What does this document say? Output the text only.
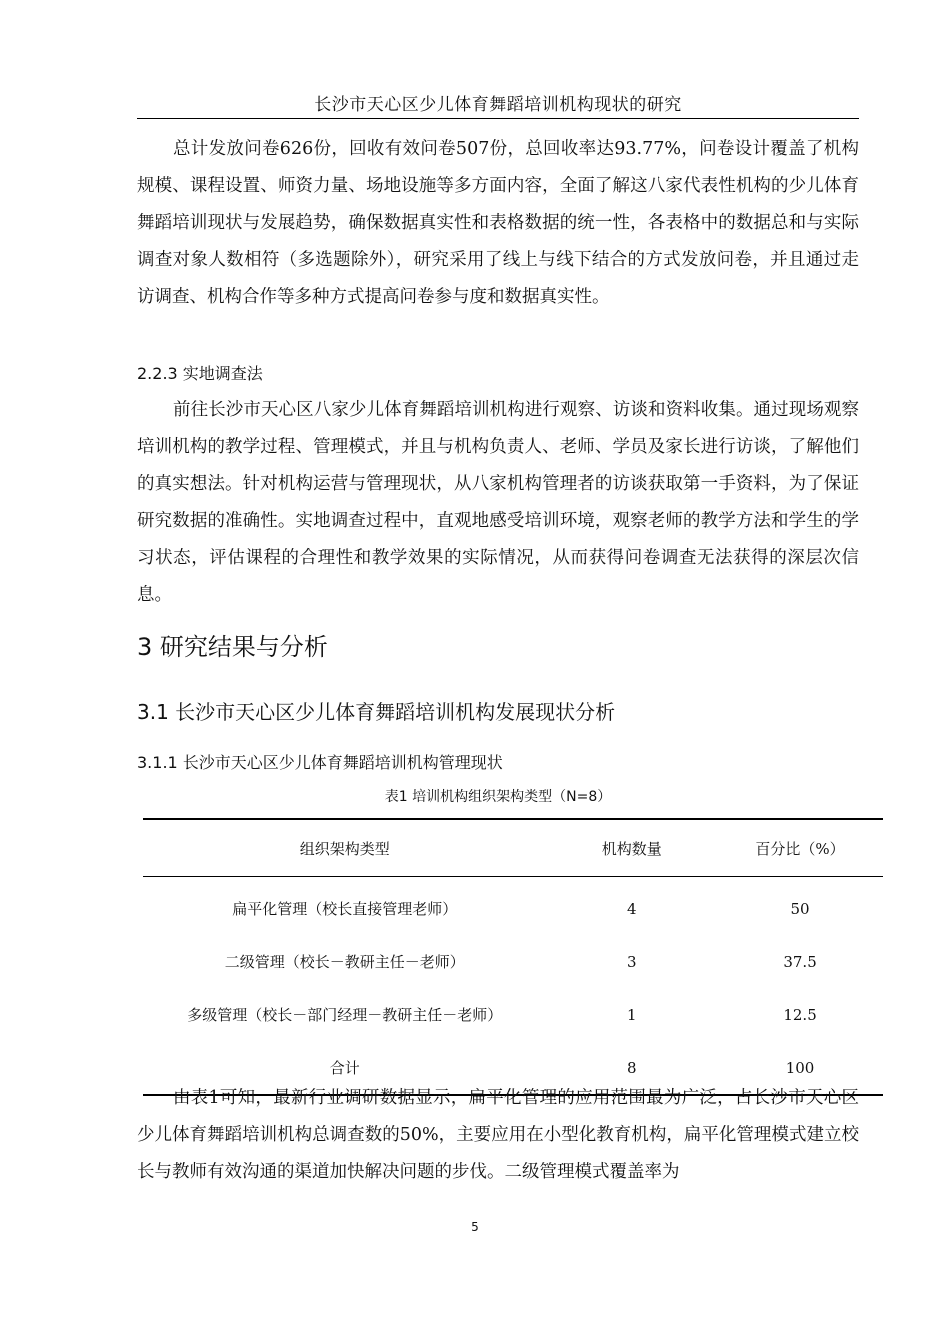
长沙市天心区少儿体育舞蹈培训机构现状的研究

总计发放问卷626份，回收有效问卷507份，总回收率达93.77%，问卷设计覆盖了机构规模、课程设置、师资力量、场地设施等多方面内容，全面了解这八家代表性机构的少儿体育舞蹈培训现状与发展趋势，确保数据真实性和表格数据的统一性，各表格中的数据总和与实际调查对象人数相符（多选题除外），研究采用了线上与线下结合的方式发放问卷，并且通过走访调查、机构合作等多种方式提高问卷参与度和数据真实性。

2.2.3 实地调查法

前往长沙市天心区八家少儿体育舞蹈培训机构进行观察、访谈和资料收集。通过现场观察培训机构的教学过程、管理模式，并且与机构负责人、老师、学员及家长进行访谈，了解他们的真实想法。针对机构运营与管理现状，从八家机构管理者的访谈获取第一手资料，为了保证研究数据的准确性。实地调查过程中，直观地感受培训环境，观察老师的教学方法和学生的学习状态，评估课程的合理性和教学效果的实际情况，从而获得问卷调查无法获得的深层次信息。

3 研究结果与分析
3.1 长沙市天心区少儿体育舞蹈培训机构发展现状分析
3.1.1 长沙市天心区少儿体育舞蹈培训机构管理现状
表1 培训机构组织架构类型（N=8）
组织架构类型	机构数量	百分比（%）
扁平化管理（校长直接管理老师）	4	50
二级管理（校长－教研主任－老师）	3	37.5
多级管理（校长－部门经理－教研主任－老师）	1	12.5
合计	8	100

由表1可知，最新行业调研数据显示，扁平化管理的应用范围最为广泛，占长沙市天心区少儿体育舞蹈培训机构总调查数的50%，主要应用在小型化教育机构，扁平化管理模式建立校长与教师有效沟通的渠道加快解决问题的步伐。二级管理模式覆盖率为

5
